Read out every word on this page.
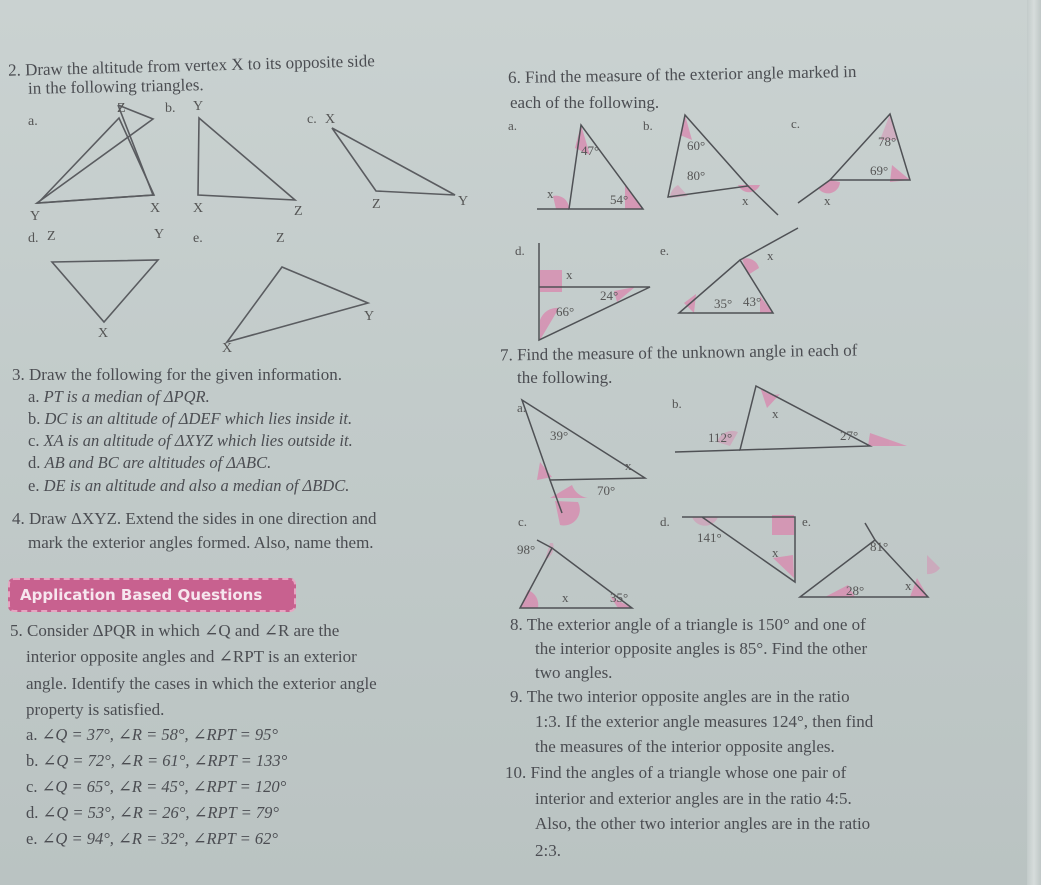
2. Draw the altitude from vertex X to its opposite side
in the following triangles.
a.
Z
Y
X
b. Y
X	Z
c. X
Z	Y
d. Z	Y
X
e.	Z
Y
X
3. Draw the following for the given information.
a. PT is a median of ΔPQR.
b. DC is an altitude of ΔDEF which lies inside it.
c. XA is an altitude of ΔXYZ which lies outside it.
d. AB and BC are altitudes of ΔABC.
e. DE is an altitude and also a median of ΔBDC.
4. Draw ΔXYZ. Extend the sides in one direction and
mark the exterior angles formed. Also, name them.
Application Based Questions
5. Consider ΔPQR in which ∠Q and ∠R are the
interior opposite angles and ∠RPT is an exterior
angle. Identify the cases in which the exterior angle
property is satisfied.
a. ∠Q = 37°, ∠R = 58°, ∠RPT = 95°
b. ∠Q = 72°, ∠R = 61°, ∠RPT = 133°
c. ∠Q = 65°, ∠R = 45°, ∠RPT = 120°
d. ∠Q = 53°, ∠R = 26°, ∠RPT = 79°
e. ∠Q = 94°, ∠R = 32°, ∠RPT = 62°
6. Find the measure of the exterior angle marked in
each of the following.
a.
47°
54°
x
b.
60°
80°
x
c.
78°
69°
x
d.
x
24°
66°
e.	x
35° 43°
7. Find the measure of the unknown angle in each of
the following.
a.
39°
x
70°
b.
x
112°	27°
c.
98°
x	35°
d.
141°
x
e.
81°
28°	x
8. The exterior angle of a triangle is 150° and one of
the interior opposite angles is 85°. Find the other
two angles.
9. The two interior opposite angles are in the ratio
1:3. If the exterior angle measures 124°, then find
the measures of the interior opposite angles.
10. Find the angles of a triangle whose one pair of
interior and exterior angles are in the ratio 4:5.
Also, the other two interior angles are in the ratio
2:3.
